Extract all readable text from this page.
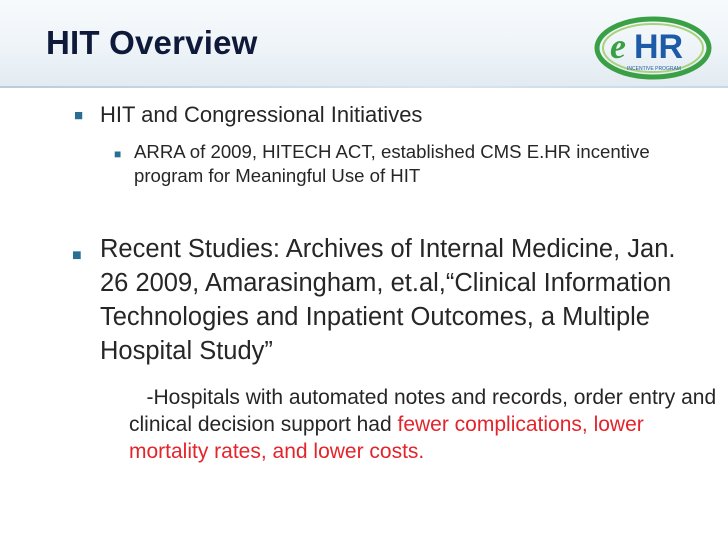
HIT Overview	e HR
INCENTIVE PROGRAM
■ HIT and Congressional Initiatives
■ ARRA of 2009, HITECH ACT, established CMS E.HR incentive program for Meaningful Use of HIT
■ Recent Studies: Archives of Internal Medicine, Jan. 26 2009, Amarasingham, et.al,“Clinical Information Technologies and Inpatient Outcomes, a Multiple Hospital Study”
-Hospitals with automated notes and records, order entry and clinical decision support had fewer complications, lower mortality rates, and lower costs.
